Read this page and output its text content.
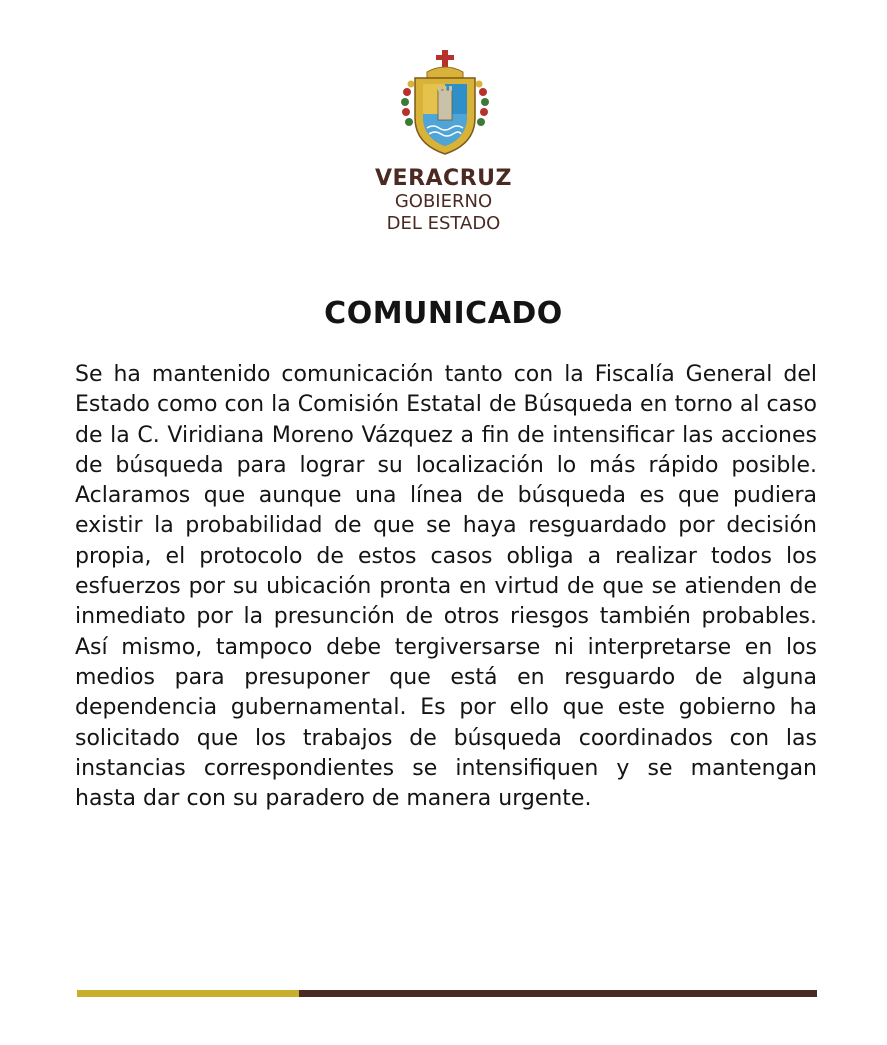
VERACRUZ
GOBIERNO
DEL ESTADO
COMUNICADO

Se ha mantenido comunicación tanto con la Fiscalía General del Estado como con la Comisión Estatal de Búsqueda en torno al caso de la C. Viridiana Moreno Vázquez a fin de intensificar las acciones de búsqueda para lograr su localización lo más rápido posible. Aclaramos que aunque una línea de búsqueda es que pudiera existir la probabilidad de que se haya resguardado por decisión propia, el protocolo de estos casos obliga a realizar todos los esfuerzos por su ubicación pronta en virtud de que se atienden de inmediato por la presunción de otros riesgos también probables. Así mismo, tampoco debe tergiversarse ni interpretarse en los medios para presuponer que está en resguardo de alguna dependencia gubernamental. Es por ello que este gobierno ha solicitado que los trabajos de búsqueda coordinados con las instancias correspondientes se intensifiquen y se mantengan hasta dar con su paradero de manera urgente.
